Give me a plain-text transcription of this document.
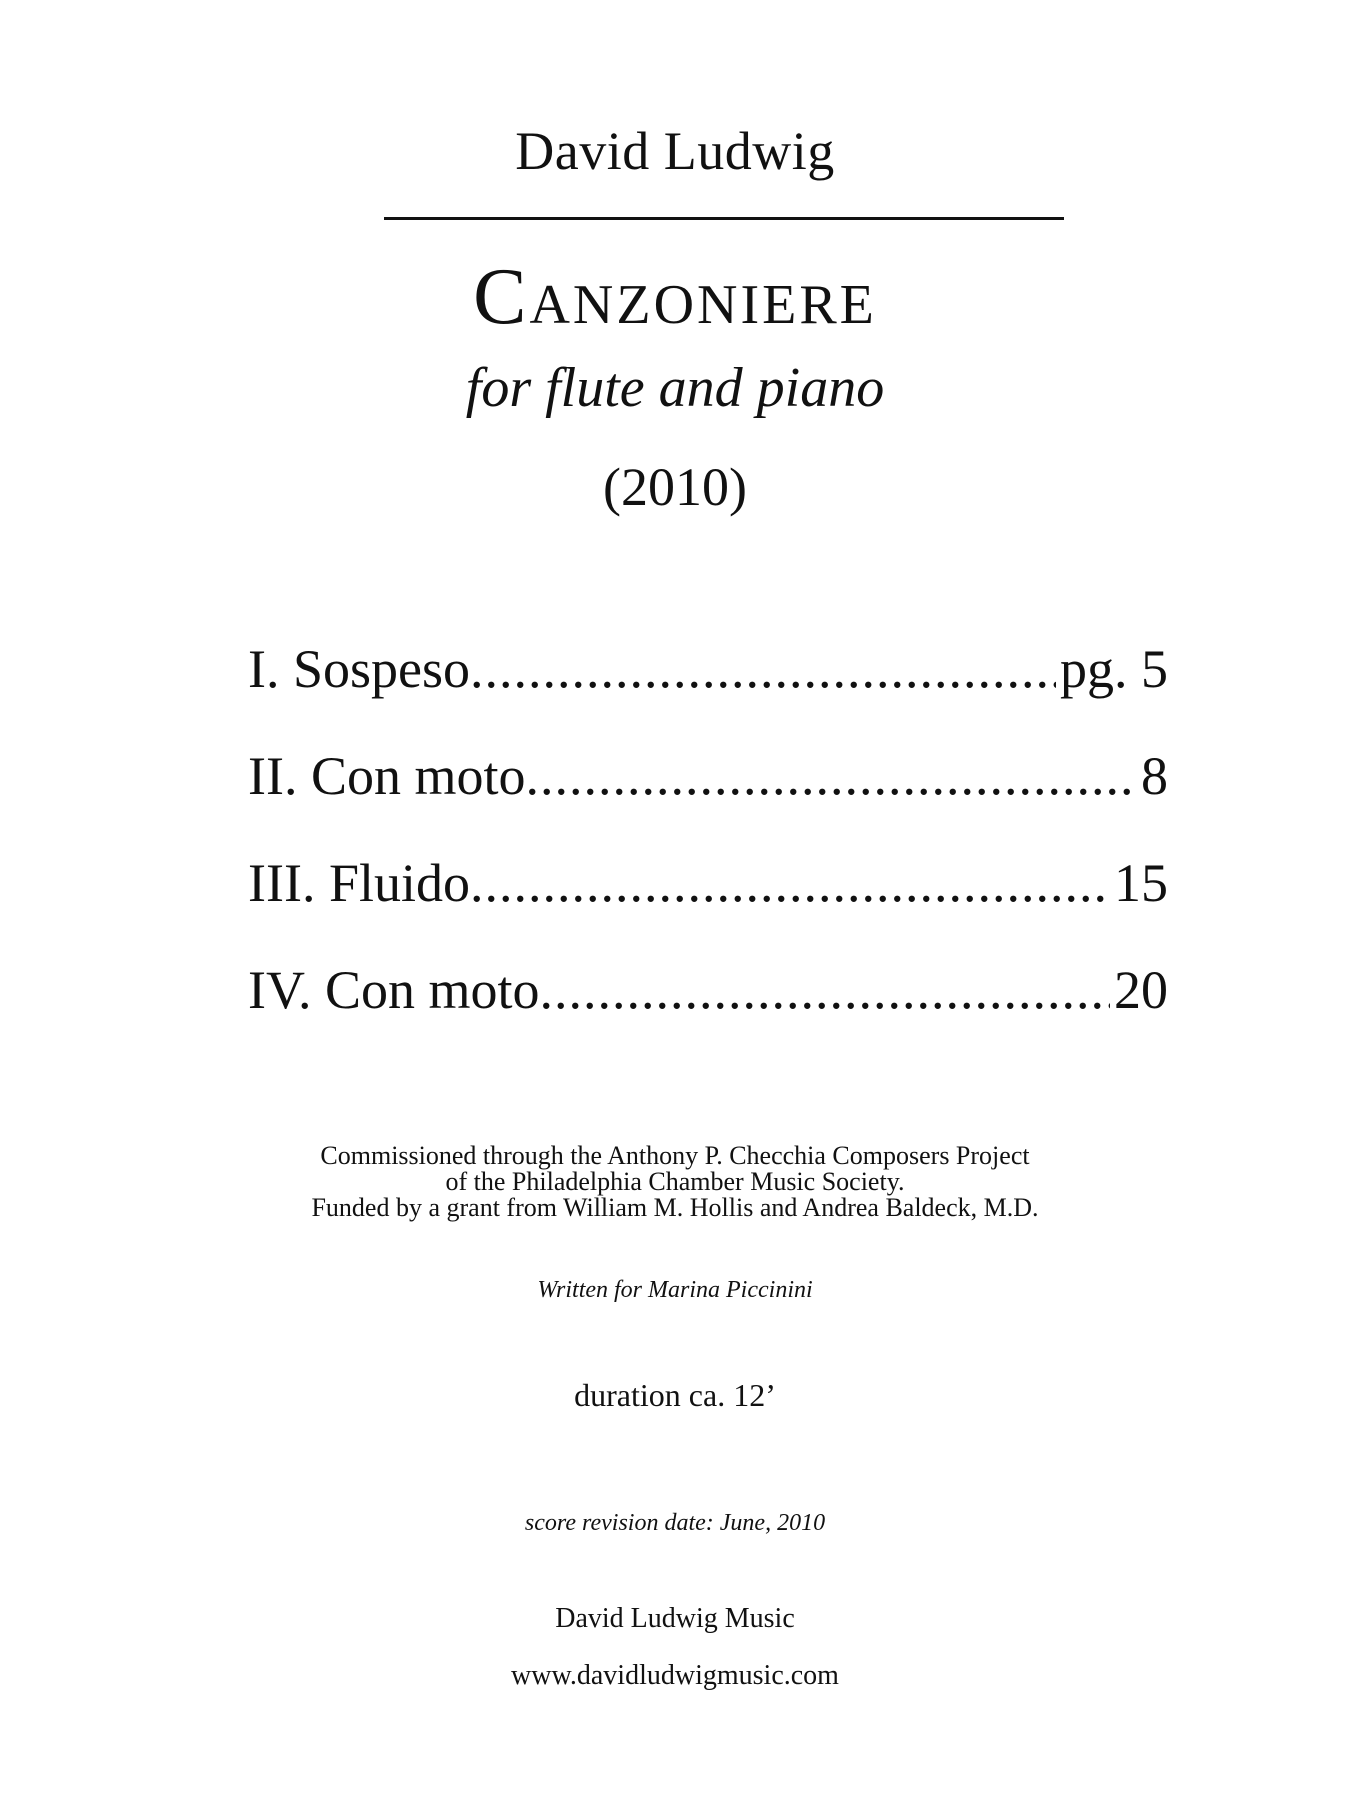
David Ludwig
Canzoniere
for flute and piano
(2010)
I. Sospeso .....	pg. 5
II. Con moto .....	8
III. Fluido .....	15
IV. Con moto .....	20
Commissioned through the Anthony P. Checchia Composers Project
of the Philadelphia Chamber Music Society.
Funded by a grant from William M. Hollis and Andrea Baldeck, M.D.
Written for Marina Piccinini
duration ca. 12’
score revision date: June, 2010
David Ludwig Music
www.davidludwigmusic.com
